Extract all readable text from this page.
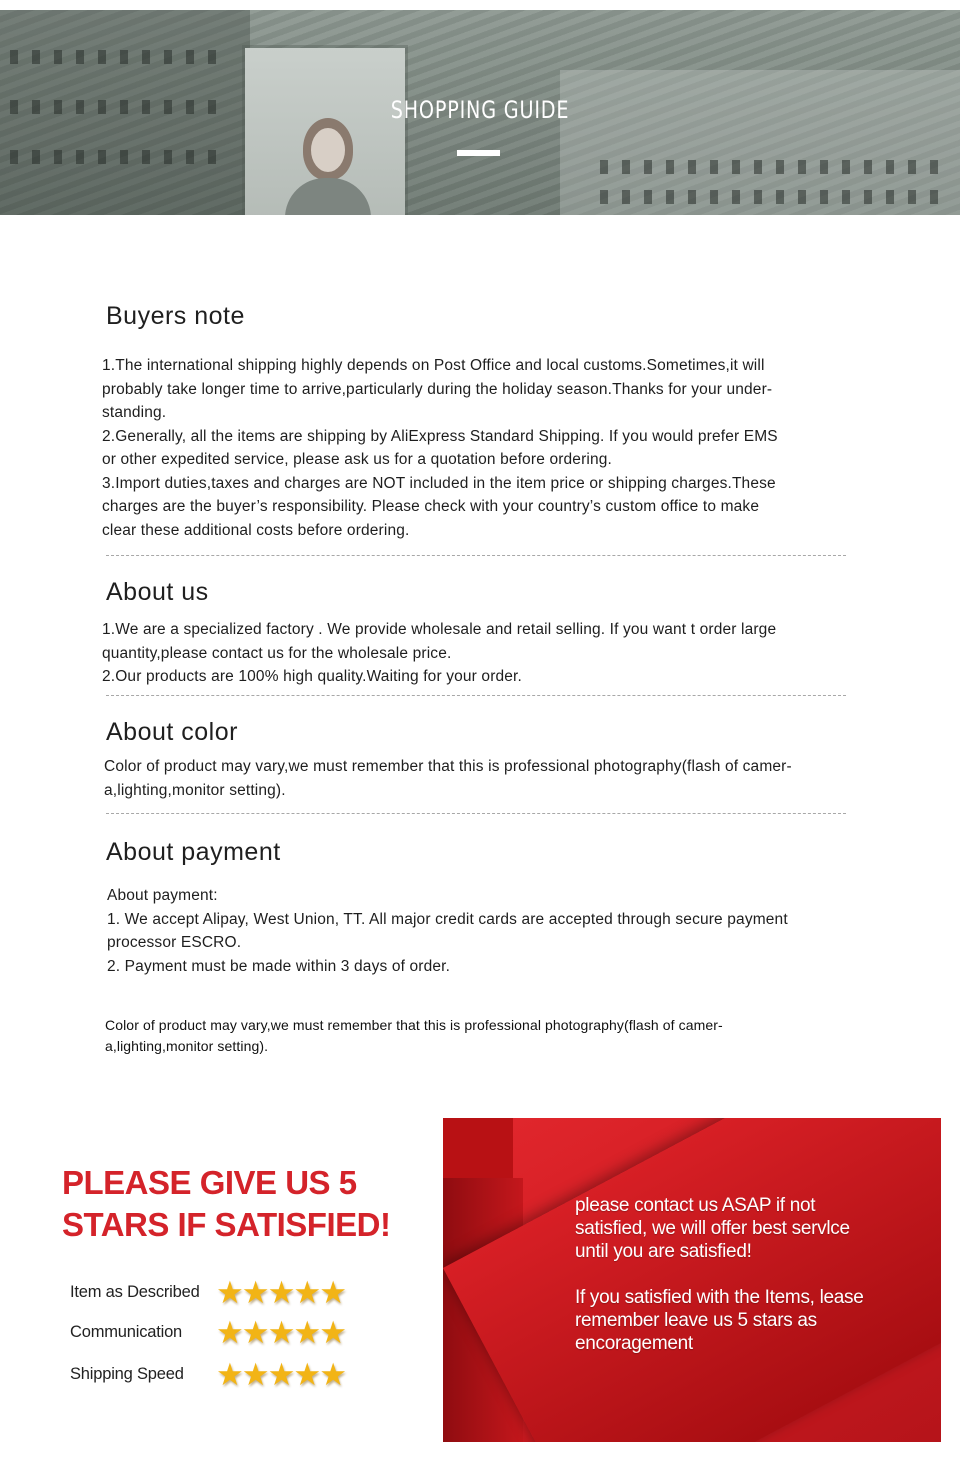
SHOPPING GUIDE
Buyers note
1.The international shipping highly depends on Post Office and local customs.Sometimes,it will
probably take longer time to arrive,particularly during the holiday season.Thanks for your under-
standing.
2.Generally, all the items are shipping by AliExpress Standard Shipping. If you would prefer EMS
or other expedited service, please ask us for a quotation before ordering.
3.Import duties,taxes and charges are NOT included in the item price or shipping charges.These
charges are the buyer’s responsibility. Please check with your country’s custom office to make
clear these additional costs before ordering.
About us
1.We are a specialized factory . We provide wholesale and retail selling. If you want t order large
quantity,please contact us for the wholesale price.
2.Our products are 100% high quality.Waiting for your order.
About color
Color of product may vary,we must remember that this is professional photography(flash of camer-
a,lighting,monitor setting).
About payment
About payment:
1. We accept Alipay, West Union, TT. All major credit cards are accepted through secure payment
processor ESCRO.
2. Payment must be made within 3 days of order.
Color of product may vary,we must remember that this is professional photography(flash of camer-
a,lighting,monitor setting).
PLEASE GIVE US 5
STARS IF SATISFIED!
Item as Described ★★★★★
Communication ★★★★★
Shipping Speed ★★★★★
please contact us ASAP if not
satisfied, we will offer best servlce
until you are satisfied!
If you satisfied with the Items, lease
remember leave us 5 stars as
encoragement
